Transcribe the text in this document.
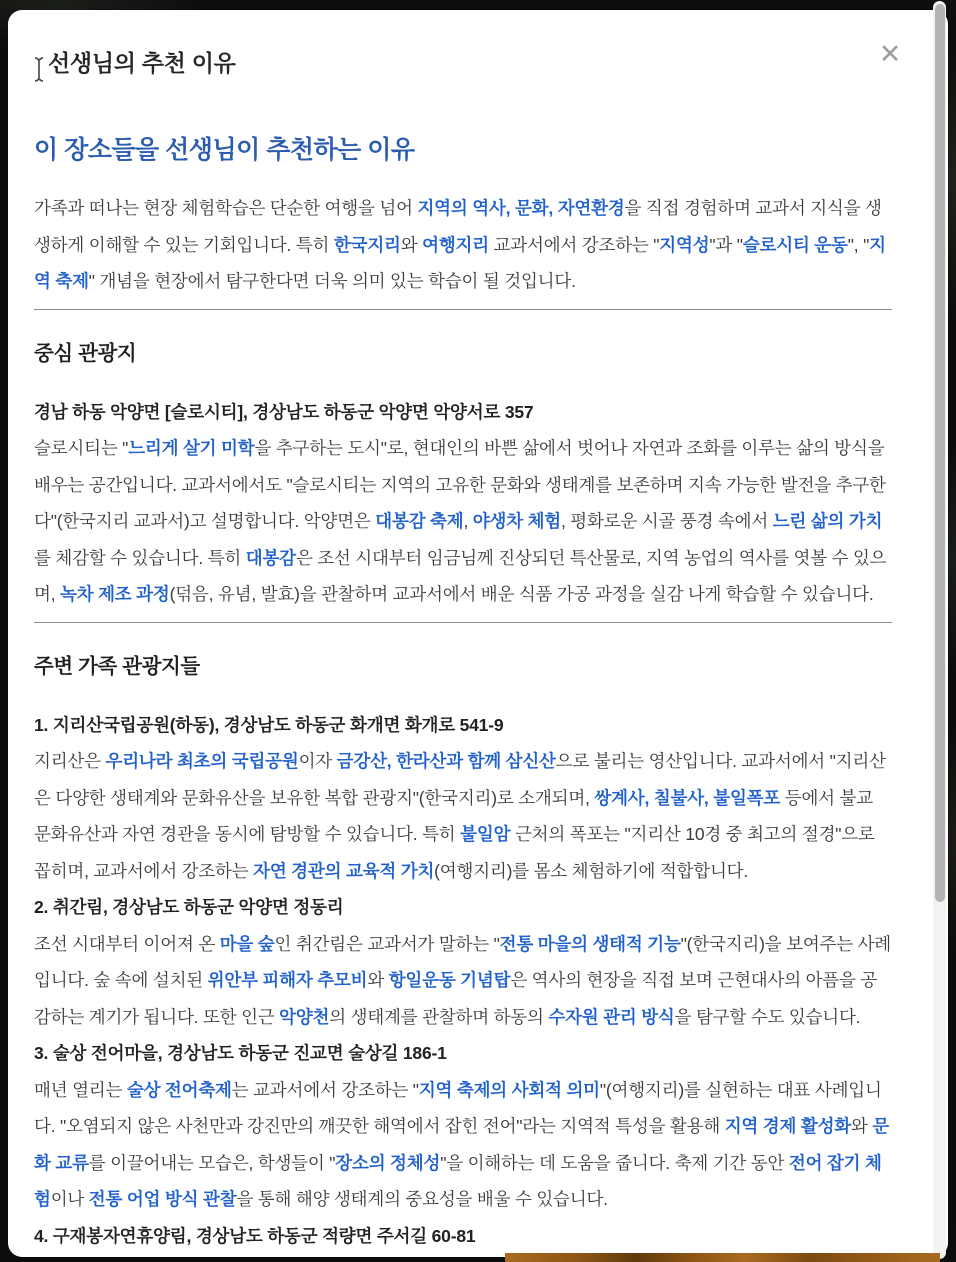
선생님의 추천 이유	✕
이 장소들을 선생님이 추천하는 이유

가족과 떠나는 현장 체험학습은 단순한 여행을 넘어 지역의 역사, 문화, 자연환경을 직접 경험하며 교과서 지식을 생생하게 이해할 수 있는 기회입니다. 특히 한국지리와 여행지리 교과서에서 강조하는 "지역성"과 "슬로시티 운동", "지역 축제" 개념을 현장에서 탐구한다면 더욱 의미 있는 학습이 될 것입니다.

중심 관광지

경남 하동 악양면 [슬로시티], 경상남도 하동군 악양면 악양서로 357

슬로시티는 "느리게 살기 미학을 추구하는 도시"로, 현대인의 바쁜 삶에서 벗어나 자연과 조화를 이루는 삶의 방식을 배우는 공간입니다. 교과서에서도 "슬로시티는 지역의 고유한 문화와 생태계를 보존하며 지속 가능한 발전을 추구한다"(한국지리 교과서)고 설명합니다. 악양면은 대봉감 축제, 야생차 체험, 평화로운 시골 풍경 속에서 느린 삶의 가치를 체감할 수 있습니다. 특히 대봉감은 조선 시대부터 임금님께 진상되던 특산물로, 지역 농업의 역사를 엿볼 수 있으며, 녹차 제조 과정(덖음, 유념, 발효)을 관찰하며 교과서에서 배운 식품 가공 과정을 실감 나게 학습할 수 있습니다.

주변 가족 관광지들

1. 지리산국립공원(하동), 경상남도 하동군 화개면 화개로 541-9

지리산은 우리나라 최초의 국립공원이자 금강산, 한라산과 함께 삼신산으로 불리는 영산입니다. 교과서에서 "지리산은 다양한 생태계와 문화유산을 보유한 복합 관광지"(한국지리)로 소개되며, 쌍계사, 칠불사, 불일폭포 등에서 불교 문화유산과 자연 경관을 동시에 탐방할 수 있습니다. 특히 불일암 근처의 폭포는 "지리산 10경 중 최고의 절경"으로 꼽히며, 교과서에서 강조하는 자연 경관의 교육적 가치(여행지리)를 몸소 체험하기에 적합합니다.

2. 취간림, 경상남도 하동군 악양면 정동리

조선 시대부터 이어져 온 마을 숲인 취간림은 교과서가 말하는 "전통 마을의 생태적 기능"(한국지리)을 보여주는 사례입니다. 숲 속에 설치된 위안부 피해자 추모비와 항일운동 기념탑은 역사의 현장을 직접 보며 근현대사의 아픔을 공감하는 계기가 됩니다. 또한 인근 악양천의 생태계를 관찰하며 하동의 수자원 관리 방식을 탐구할 수도 있습니다.

3. 술상 전어마을, 경상남도 하동군 진교면 술상길 186-1

매년 열리는 술상 전어축제는 교과서에서 강조하는 "지역 축제의 사회적 의미"(여행지리)를 실현하는 대표 사례입니다. "오염되지 않은 사천만과 강진만의 깨끗한 해역에서 잡힌 전어"라는 지역적 특성을 활용해 지역 경제 활성화와 문화 교류를 이끌어내는 모습은, 학생들이 "장소의 정체성"을 이해하는 데 도움을 줍니다. 축제 기간 동안 전어 잡기 체험이나 전통 어업 방식 관찰을 통해 해양 생태계의 중요성을 배울 수 있습니다.

4. 구재봉자연휴양림, 경상남도 하동군 적량면 주서길 60-81
